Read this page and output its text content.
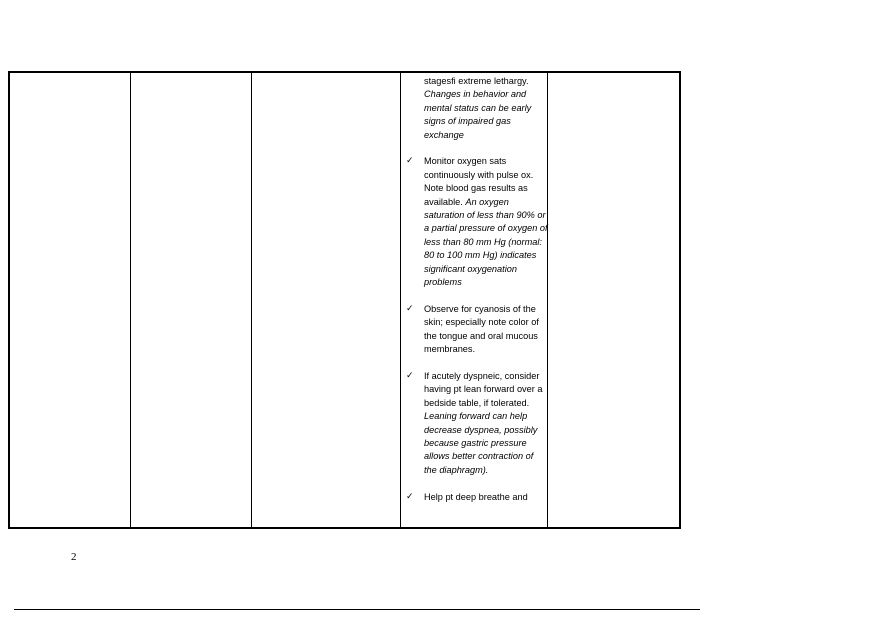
stagesfi extreme lethargy. Changes in behavior and mental status can be early signs of impaired gas exchange
✓ Monitor oxygen sats continuously with pulse ox. Note blood gas results as available. An oxygen saturation of less than 90% or a partial pressure of oxygen of less than 80 mm Hg (normal: 80 to 100 mm Hg) indicates significant oxygenation problems
✓ Observe for cyanosis of the skin; especially note color of the tongue and oral mucous membranes.
✓ If acutely dyspneic, consider having pt lean forward over a bedside table, if tolerated. Leaning forward can help decrease dyspnea, possibly because gastric pressure allows better contraction of the diaphragm).
✓ Help pt deep breathe and
2
